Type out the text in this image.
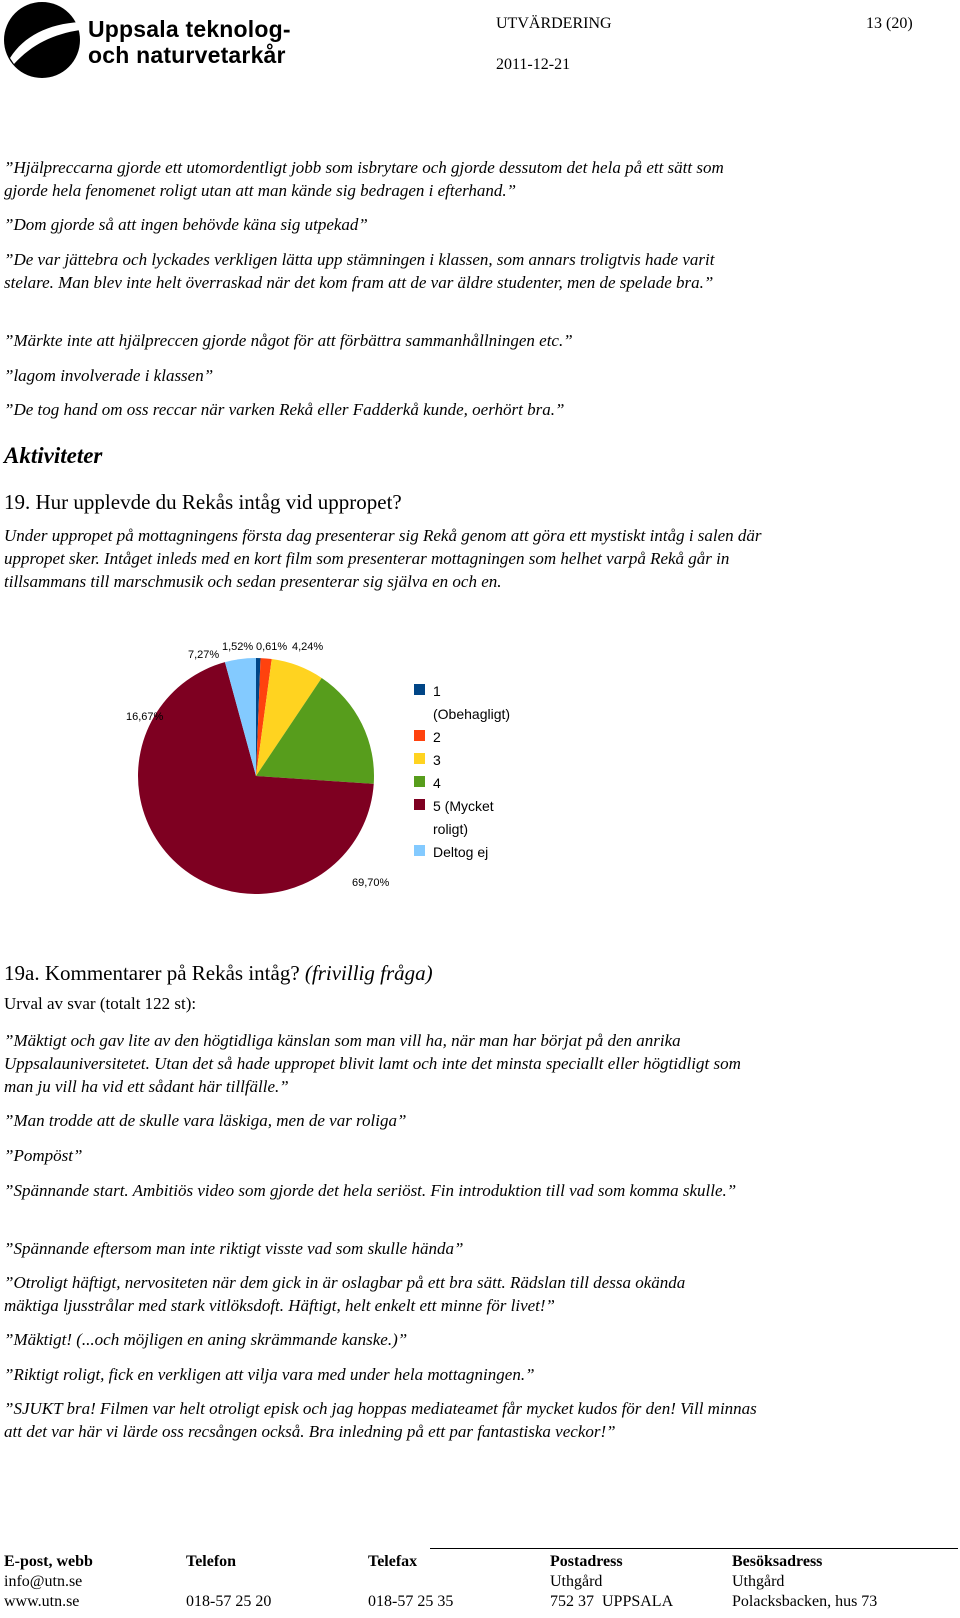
Uppsala teknolog-
och naturvetarkår
UTVÄRDERING	13 (20)
2011-12-21
”Hjälpreccarna gjorde ett utomordentligt jobb som isbrytare och gjorde dessutom det hela på ett sätt som gjorde hela fenomenet roligt utan att man kände sig bedragen i efterhand.”
”Dom gjorde så att ingen behövde käna sig utpekad”
”De var jättebra och lyckades verkligen lätta upp stämningen i klassen, som annars troligtvis hade varit stelare. Man blev inte helt överraskad när det kom fram att de var äldre studenter, men de spelade bra.”
”Märkte inte att hjälpreccen gjorde något för att förbättra sammanhållningen etc.”
”lagom involverade i klassen”
”De tog hand om oss reccar när varken Rekå eller Fadderkå kunde, oerhört bra.”
Aktiviteter
19. Hur upplevde du Rekås intåg vid uppropet?
Under uppropet på mottagningens första dag presenterar sig Rekå genom att göra ett mystiskt intåg i salen där uppropet sker. Intåget inleds med en kort film som presenterar mottagningen som helhet varpå Rekå går in tillsammans till marschmusik och sedan presenterar sig själva en och en.
0,61%
1,52%
7,27%
16,67%
69,70%
4,24%
1
(Obehagligt)
2
3
4
5 (Mycket
roligt)
Deltog ej
19a. Kommentarer på Rekås intåg? (frivillig fråga)
Urval av svar (totalt 122 st):
”Mäktigt och gav lite av den högtidliga känslan som man vill ha, när man har börjat på den anrika Uppsalauniversitetet. Utan det så hade uppropet blivit lamt och inte det minsta speciallt eller högtidligt som man ju vill ha vid ett sådant här tillfälle.”
”Man trodde att de skulle vara läskiga, men de var roliga”
”Pompöst”
”Spännande start. Ambitiös video som gjorde det hela seriöst. Fin introduktion till vad som komma skulle.”
”Spännande eftersom man inte riktigt visste vad som skulle hända”
”Otroligt häftigt, nervositeten när dem gick in är oslagbar på ett bra sätt. Rädslan till dessa okända mäktiga ljusstrålar med stark vitlöksdoft. Häftigt, helt enkelt ett minne för livet!”
”Mäktigt! (...och möjligen en aning skrämmande kanske.)”
”Riktigt roligt, fick en verkligen att vilja vara med under hela mottagningen.”
”SJUKT bra! Filmen var helt otroligt episk och jag hoppas mediateamet får mycket kudos för den! Vill minnas att det var här vi lärde oss recsången också. Bra inledning på ett par fantastiska veckor!”
E-post, webb
info@utn.se
www.utn.se
Telefon
018-57 25 20
Telefax
018-57 25 35
Postadress
Uthgård
752 37  UPPSALA
Besöksadress
Uthgård
Polacksbacken, hus 73
